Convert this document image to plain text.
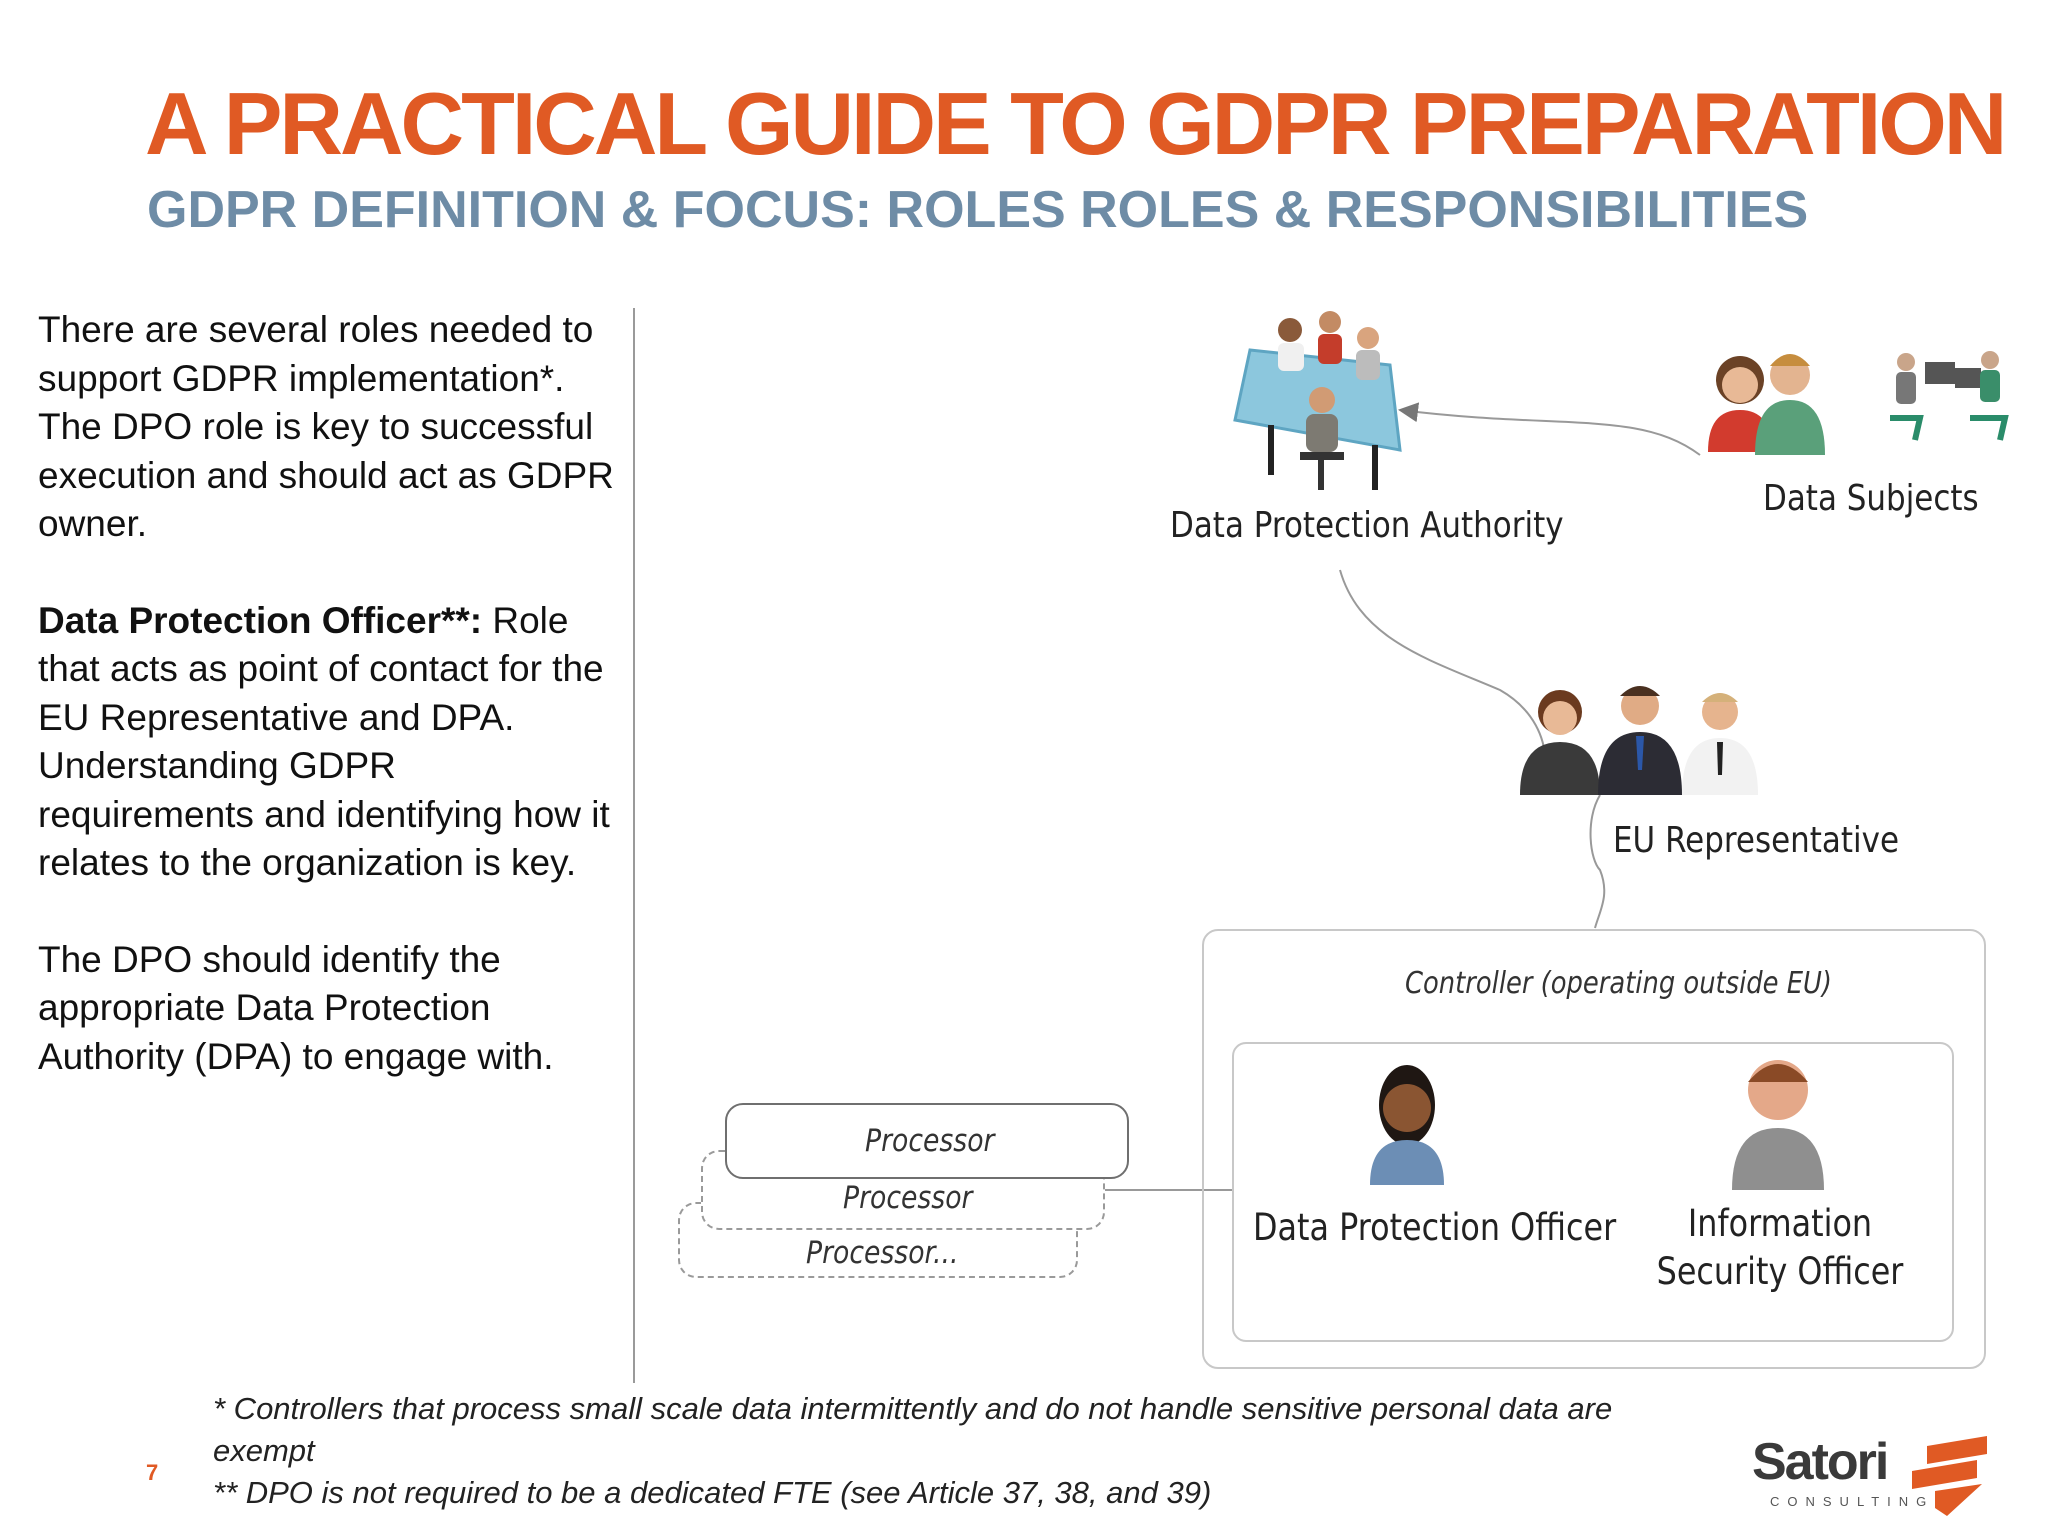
A PRACTICAL GUIDE TO GDPR PREPARATION
GDPR DEFINITION & FOCUS: ROLES ROLES & RESPONSIBILITIES

There are several roles needed to support GDPR implementation*. The DPO role is key to successful execution and should act as GDPR owner.

Data Protection Officer**: Role that acts as point of contact for the EU Representative and DPA. Understanding GDPR requirements and identifying how it relates to the organization is key.

The DPO should identify the appropriate Data Protection Authority (DPA) to engage with.

Data Protection Authority
Data Subjects
EU Representative
Controller (operating outside EU)
Data Protection Officer	Information Security Officer
Processor...
Processor
Processor
* Controllers that process small scale data intermittently and do not handle sensitive personal data are exempt
** DPO is not required to be a dedicated FTE (see Article 37, 38, and 39)
7	Satori
CONSULTING
